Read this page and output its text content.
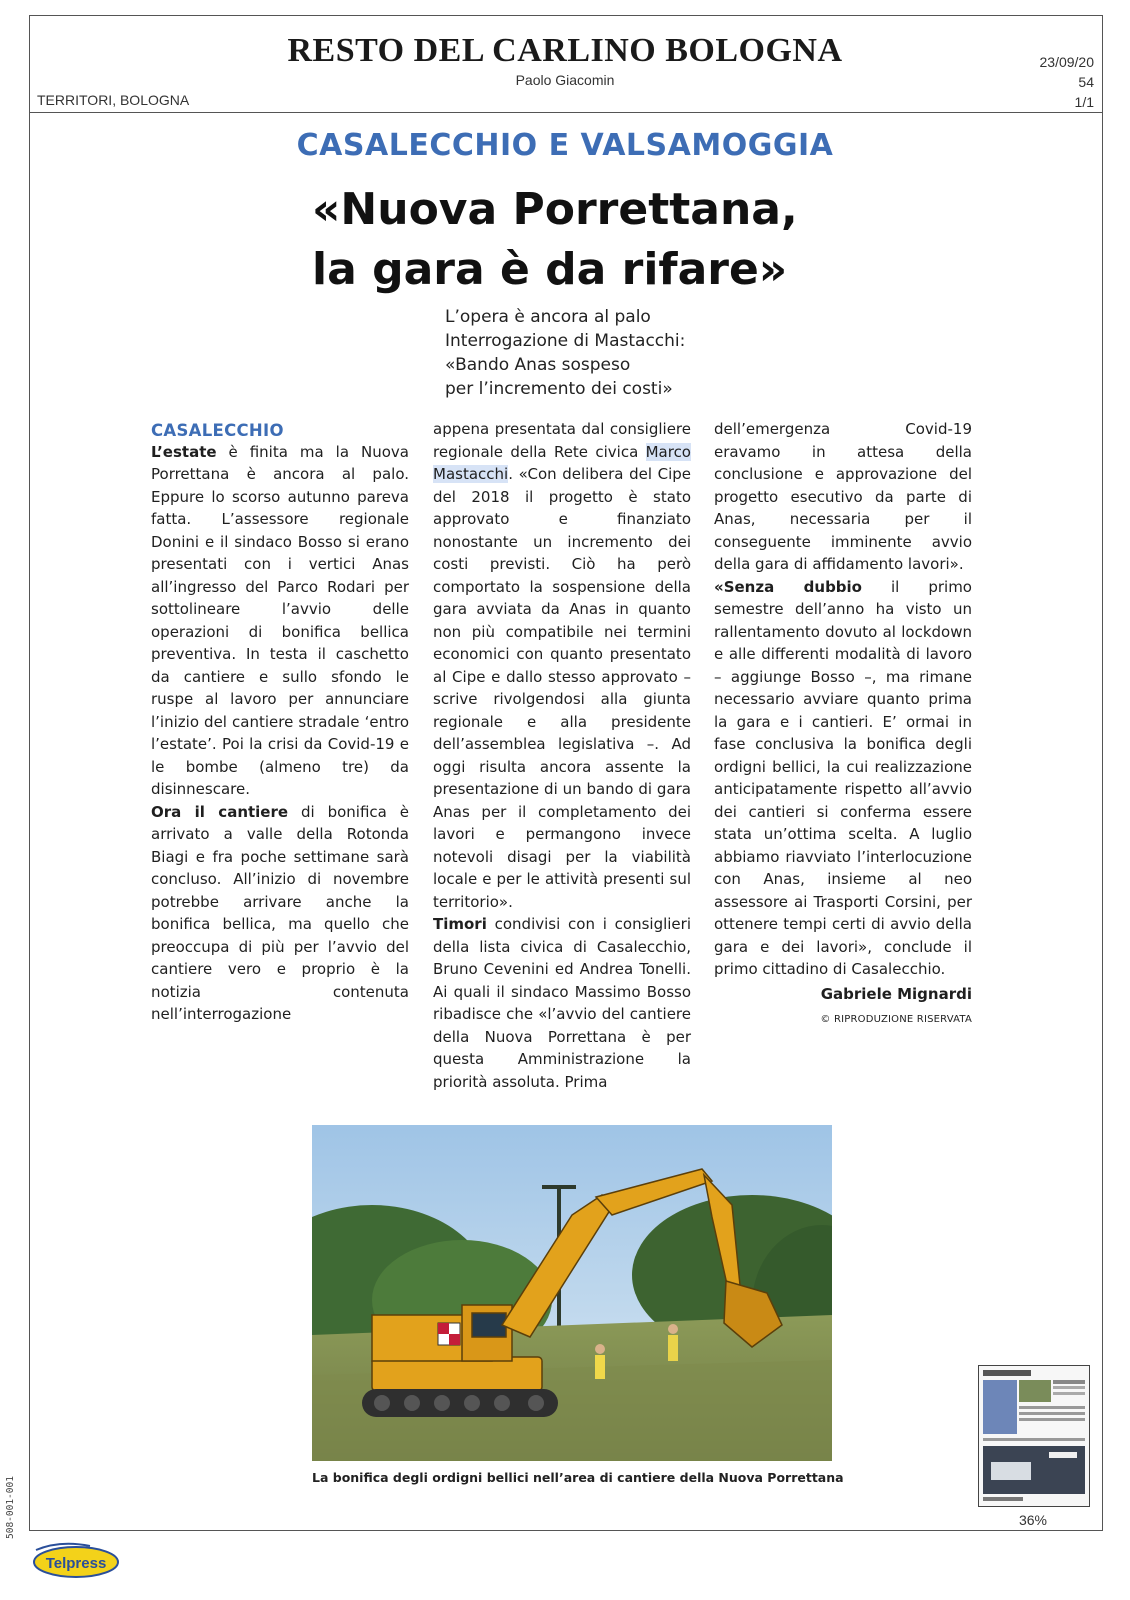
RESTO DEL CARLINO BOLOGNA
Paolo Giacomin
TERRITORI, BOLOGNA
23/09/20
54
1/1
CASALECCHIO E VALSAMOGGIA
«Nuova Porrettana,
la gara è da rifare»
L’opera è ancora al palo
Interrogazione di Mastacchi:
«Bando Anas sospeso
per l’incremento dei costi»
CASALECCHIO

L’estate è finita ma la Nuova Porrettana è ancora al palo. Eppure lo scorso autunno pareva fatta. L’assessore regionale Donini e il sindaco Bosso si erano presentati con i vertici Anas all’ingresso del Parco Rodari per sottolineare l’avvio delle operazioni di bonifica bellica preventiva. In testa il caschetto da cantiere e sullo sfondo le ruspe al lavoro per annunciare l’inizio del cantiere stradale ‘entro l’estate’. Poi la crisi da Covid-19 e le bombe (almeno tre) da disinnescare.

Ora il cantiere di bonifica è arrivato a valle della Rotonda Biagi e fra poche settimane sarà concluso. All’inizio di novembre potrebbe arrivare anche la bonifica bellica, ma quello che preoccupa di più per l’avvio del cantiere vero e proprio è la notizia contenuta nell’interrogazione

appena presentata dal consigliere regionale della Rete civica Marco Mastacchi. «Con delibera del Cipe del 2018 il progetto è stato approvato e finanziato nonostante un incremento dei costi previsti. Ciò ha però comportato la sospensione della gara avviata da Anas in quanto non più compatibile nei termini economici con quanto presentato al Cipe e dallo stesso approvato – scrive rivolgendosi alla giunta regionale e alla presidente dell’assemblea legislativa –. Ad oggi risulta ancora assente la presentazione di un bando di gara Anas per il completamento dei lavori e permangono invece notevoli disagi per la viabilità locale e per le attività presenti sul territorio».

Timori condivisi con i consiglieri della lista civica di Casalecchio, Bruno Cevenini ed Andrea Tonelli. Ai quali il sindaco Massimo Bosso ribadisce che «l’avvio del cantiere della Nuova Porrettana è per questa Amministrazione la priorità assoluta. Prima

dell’emergenza Covid-19 eravamo in attesa della conclusione e approvazione del progetto esecutivo da parte di Anas, necessaria per il conseguente imminente avvio della gara di affidamento lavori».

«Senza dubbio il primo semestre dell’anno ha visto un rallentamento dovuto al lockdown e alle differenti modalità di lavoro – aggiunge Bosso –, ma rimane necessario avviare quanto prima la gara e i cantieri. E’ ormai in fase conclusiva la bonifica degli ordigni bellici, la cui realizzazione anticipatamente rispetto all’avvio dei cantieri si conferma essere stata un’ottima scelta. A luglio abbiamo riavviato l’interlocuzione con Anas, insieme al neo assessore ai Trasporti Corsini, per ottenere tempi certi di avvio della gara e dei lavori», conclude il primo cittadino di Casalecchio.

Gabriele Mignardi
© RIPRODUZIONE RISERVATA
La bonifica degli ordigni bellici nell’area di cantiere della Nuova Porrettana
36%
508-001-001
Telpress
